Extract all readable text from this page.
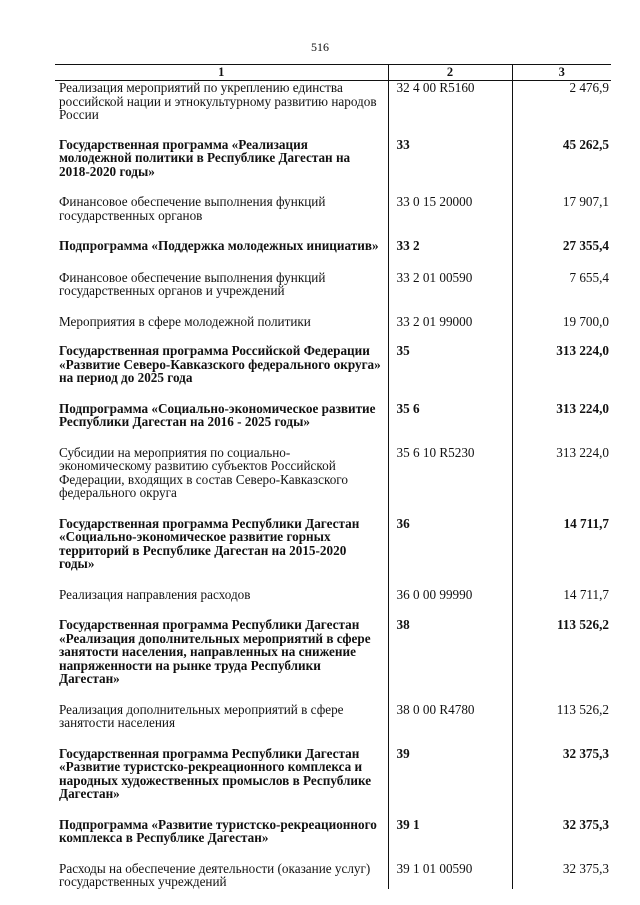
516
1	2	3
Реализация мероприятий по укреплению единства российской нации и этнокультурному развитию народов России	32 4 00 R5160	2 476,9
Государственная программа «Реализация молодежной политики в Республике Дагестан на 2018-2020 годы»	33	45 262,5
Финансовое обеспечение выполнения функций государственных органов	33 0 15 20000	17 907,1
Подпрограмма «Поддержка молодежных инициатив»	33 2	27 355,4
Финансовое обеспечение выполнения функций государственных органов и учреждений	33 2 01 00590	7 655,4
Мероприятия в сфере молодежной политики	33 2 01 99000	19 700,0
Государственная программа Российской Федерации «Развитие Северо-Кавказского федерального округа» на период до 2025 года	35	313 224,0
Подпрограмма «Социально-экономическое развитие Республики Дагестан на 2016 - 2025 годы»	35 6	313 224,0
Субсидии на мероприятия по социально-экономическому развитию субъектов Российской Федерации, входящих в состав Северо-Кавказского федерального округа	35 6 10 R5230	313 224,0
Государственная программа Республики Дагестан «Социально-экономическое развитие горных территорий в Республике Дагестан на 2015-2020 годы»	36	14 711,7
Реализация направления расходов	36 0 00 99990	14 711,7
Государственная программа Республики Дагестан «Реализация дополнительных мероприятий в сфере занятости населения, направленных на снижение напряженности на рынке труда Республики Дагестан»	38	113 526,2
Реализация дополнительных мероприятий в сфере занятости населения	38 0 00 R4780	113 526,2
Государственная программа Республики Дагестан «Развитие туристско-рекреационного комплекса и народных художественных промыслов в Республике Дагестан»	39	32 375,3
Подпрограмма «Развитие туристско-рекреационного комплекса в Республике Дагестан»	39 1	32 375,3
Расходы на обеспечение деятельности (оказание услуг) государственных учреждений	39 1 01 00590	32 375,3
